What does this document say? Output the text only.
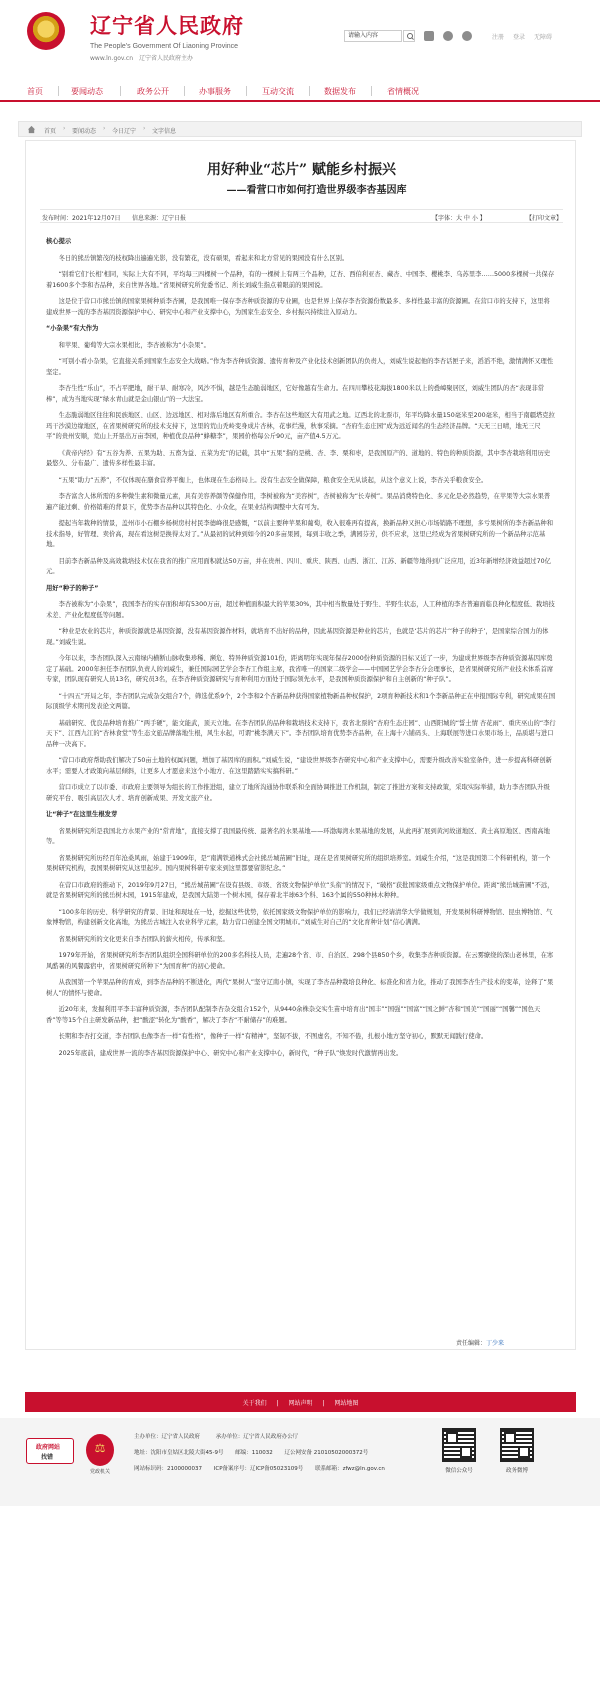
★
辽宁省人民政府
The People's Government Of Liaoning Province
www.ln.gov.cn 辽宁省人民政府主办
请输入内容	注册 登录 无障碍
首页	要闻动态	政务公开	办事服务	互动交流	数据发布	省情概况
首页 › 要闻动态 › 今日辽宁 › 文字信息
用好种业“芯片” 赋能乡村振兴
——看营口市如何打造世界级李杏基因库
发布时间：2021年12月07日 信息来源：辽宁日报	【字体：大 中 小 】	【打印文章】

核心提示

冬日的熊岳镇繁茂的枝杈降出遍遍光影，没有繁花，没有硕果，看起来和北方常见的果园没有什么区别。

“别看它们‘长相’相同，实际上大有不同，平均每三四棵树一个品种，有的一棵树上有两三个品种，辽杏、西伯利亚杏、藏杏、中国李、樱桃李、乌苏里李……5000多棵树一共保存着1600多个李和杏品种，来自世界各地。”省果树研究所党委书记、所长刘威生指点着眼前的果园说。

这是位于营口市熊岳镇的国家果树种质李杏圃，是我国唯一保存李杏种质资源的专业圃，也是世界上保存李杏资源份数最多、多样性最丰富的资源圃。在营口市的支持下，这里将建成世界一流的李杏基因资源保护中心、研究中心和产业支撑中心，为国家生态安全、乡村振兴持续注入原动力。

“小杂果”有大作为

和苹果、葡萄等大宗水果相比，李杏被称为“小杂果”。

“可别小看小杂果，它直接关系到国家生态安全大战略。”作为李杏种质资源、遗传育种及产业化技术创新团队的负责人，刘威生说起他的李杏话匣子来，滔滔不绝，激情满怀又理性坚定。

李杏生性“乐山”，不占平肥地，耐干旱、耐寒冷，风沙不惧，越是生态脆弱地区，它好像越有生命力。在四川攀枝花海拔1800米以上的叠嶂聚居区，刘威生团队的杏“表现非常棒”，成为当地实现“绿水青山就是金山银山”的一大法宝。

生态脆弱地区往往和民族地区、山区、边远地区、相对落后地区有所重合。李杏在这些地区大有用武之地。辽西北的北票市，年平均降水量150毫米至200毫米，相当于南疆塔克拉玛干沙漠边缘地区，在省果树研究所的技术支持下，这里的荒山秃岭变身成片杏林，花事烂漫，秋事采摘。“杏府生态庄园”成为远近闻名的生态经济品牌。“天无三日晴，地无三尺平”的贵州安顺，荒山上开垦出万亩李园，种植优良品种“蜂糖李”，果园价格每公斤90元，亩产值4.5万元。

《黄帝内经》有“五谷为养、五果为助、五畜为益、五菜为充”的记载，其中“五果”指的是桃、杏、李、栗和枣，是我国原产的、道地的、特色的种质资源，其中李杏栽培利用历史最悠久、分布最广、遗传多样性最丰富。

“五果”助力“五养”，不仅体现在膳食营养平衡上，也体现在生态格局上。没有生态安全做保障，粮食安全无从谈起，从这个意义上说，李杏关乎粮食安全。

李杏富含人体所需的多种微生素和微量元素，具有美容养颜等保健作用，李树被称为“美容树”，杏树被称为“长寿树”。果品消费特色化、多元化是必然趋势，在苹果等大宗水果普遍产能过剩、价格销难的背景下，优势李杏品种以其特色化、小众化，在果业结构调整中大有可为。

提起当年栽种的情景，盖州市小石棚乡杨树房村村民李德峰很是感慨，“以前主要种苹果和葡萄，收入很难再有提高，换新品种又担心市场销路不理想，多亏果树所的李杏新品种和技术指导，好管理、卖价高，现在看这树是换得太对了。”从最初的试种到如今的20多亩果园，每到丰收之季，满园芬芳，供不应求，这里已经成为省果树研究所的一个新品种示范基地。

目前李杏新品种及高效栽培技术仅在我省的推广应用面积就达50万亩，并在贵州、四川、重庆、陕西、山西、浙江、江苏、新疆等地得到广泛应用，近3年新增经济效益超过70亿元。

用好“种子的种子”

李杏被称为“小杂果”，我国李杏的实存面积却有5300万亩，超过种植面积最大的苹果30%，其中相当数量处于野生、半野生状态，人工种植的李杏普遍面临良种化程度低、栽培技术差、产业化程度低等问题。

“种业是农业的芯片，种质资源就是基因资源，没有基因资源作材料，就培育不出好的品种，因此基因资源是种业的芯片，也就是‘芯片的芯片’‘种子的种子’，是国家综合国力的体现。”刘威生说。

今年以来，李杏团队深入云南绿内横断山脉收集珍稀、濒危、特异种质资源101份，距离明年实现年保存2000份种质资源的目标又近了一步，为建成世界级李杏种质资源基因库奠定了基础。2000年担任李杏团队负责人的刘威生，兼任国际园艺学会李杏工作组主席，我省唯一的国家二级学会——中国园艺学会李杏分会理事长，是省果树研究所产业技术体系首席专家，团队现有研究人员13名，研究员3名，在李杏种质资源研究与育种利用方面处于国际领先水平，是我国种质资源保护和自主创新的“种子队”。

“十四五”开局之年，李杏团队完成杂交组合7个，筛选优系9个，2个李和2个杏新品种获得国家植物新品种权保护，2项育种新技术和1个李新品种正在申报国际专利，研究成果在国际顶级学术期刊发表论文两篇。

基础研究、优良品种培育推广“两手硬”，能文能武，顶天立地。在李杏团队的品种和栽培技术支持下，我省北票的“杏府生态庄园”、山西阳城的“誓土情 杏花雨”、重庆巫山的“李行天下”、江西九江的“杏林食堂”等生态文旅品牌落地生根，风生水起，可谓“桃李满天下”。李杏团队培育优势李杏品种，在上海十六铺码头、上海联展等进口水果市场上，品质堪与进口品种一决高下。

“营口市政府帮助我们解决了50亩土地的权属问题，增加了基因库的面积。”刘威生说，“建设世界级李杏研究中心和产业支撑中心，需要升级改善实验室条件，进一步提高科研创新水平；需要人才政策向基层倾斜，让更多人才愿意来这个小地方、在这里踏踏实实搞科研。”

营口市成立了以市委、市政府主要领导为组长的工作推进组，建立了地所沟通协作联系和全面协调推进工作机制，制定了推进方案和支持政策，采取实际举措，助力李杏团队升级研究平台、吸引高层次人才、培育创新成果、开发文旅产业。

让“种子”在这里生根发芽

省果树研究所是我国北方水果产业的“常青地”，直接支撑了我国最传统、最著名的水果基地——环渤海湾水果基地的发展，从此再扩展到黄河故道地区、黄土高原地区、西南高地等。

省果树研究所历经百年沧桑风雨，始建于1909年，是“南满铁道株式会社熊岳城苗圃”旧址，现在是省果树研究所的组织培养室。刘威生介绍，“这是我国第二个科研机构，第一个果树研究机构，我国果树研究从这里起步。国内果树科研专家来到这里都要留影纪念。”

在营口市政府的推动下，2019年9月27日，“熊岳城苗圃”在设有县级、市级、省级文物保护单位“头衔”的情况下，“破格”获批国家级重点文物保护单位。距离“熊岳城苗圃”不远，就是省果树研究所的熊岳树木园，1915年建成，是我国大陆第一个树木园，保存着北半球63个科、163个属的550种林木种种。

“100多年的历史、科学研究的背景、旧址和现址在一处，挖掘这些优势，依托国家级文物保护单位的影响力，我们已经请清华大学做规划，开发果树科研博物馆、昆虫博物馆、气象博物馆，构建创新文化高地，为熊岳古城注入农业科学元素，助力营口创建全国文明城市。”刘威生对自己的“文化育种计划”信心满满。

省果树研究所的文化更来自李杏团队的薪火相传，传承和坚。

1979年开始，省果树研究所李杏团队组织全国科研单位的200多名科技人员，走遍28个省、市、自治区、298个县850个乡，收集李杏种质资源。在云雾缭绕的深山老林里，在寒风酷暑的风餐露宿中，省果树研究所种下“为国育种”的初心使命。

从我国第一个苹果品种的育成，到李杏品种的不断进化，两代“果树人”坚守辽南小镇，实现了李杏品种栽培良种化、标准化和省力化，推动了我国李杏生产技术的变革，诠释了“果树人”的情怀与使命。

近20年来，发掘利用平李丰富种质资源，李杏团队配制李杏杂交组合152个，从9440余株杂交实生苗中培育出“国丰”“国强”“国富”“国之鲜”杏和“国美”“国丽”“国馨”“国色天香”等等15个自主研发新品种，把“酸涩”转化为“酸香”，解决了李杏“不耐储存”的难题。

长期和李杏打交道，李杏团队也像李杏一样“有性格”，像种子一样“有精神”，坚韧不拔，不图虚名，不知不倦，扎根小地方坚守初心，默默无闻践行使命。

2025年底前，建成世界一流的李杏基因资源保护中心、研究中心和产业支撑中心，新时代，“种子队”焕发时代激情再出发。

责任编辑：丁少来
关于我们 | 网站声明 | 网站地图
政府网站
找错
⚖
党政机关
主办单位：辽宁省人民政府	承办单位：辽宁省人民政府办公厅
地址：沈阳市皇姑区北陵大街45-9号 邮编：110032 辽公网安备 21010502000372号
网站标识码：2100000037 ICP备案序号：辽ICP备05023109号 联系邮箱：zfwz@ln.gov.cn	微信公众号	政务微博
